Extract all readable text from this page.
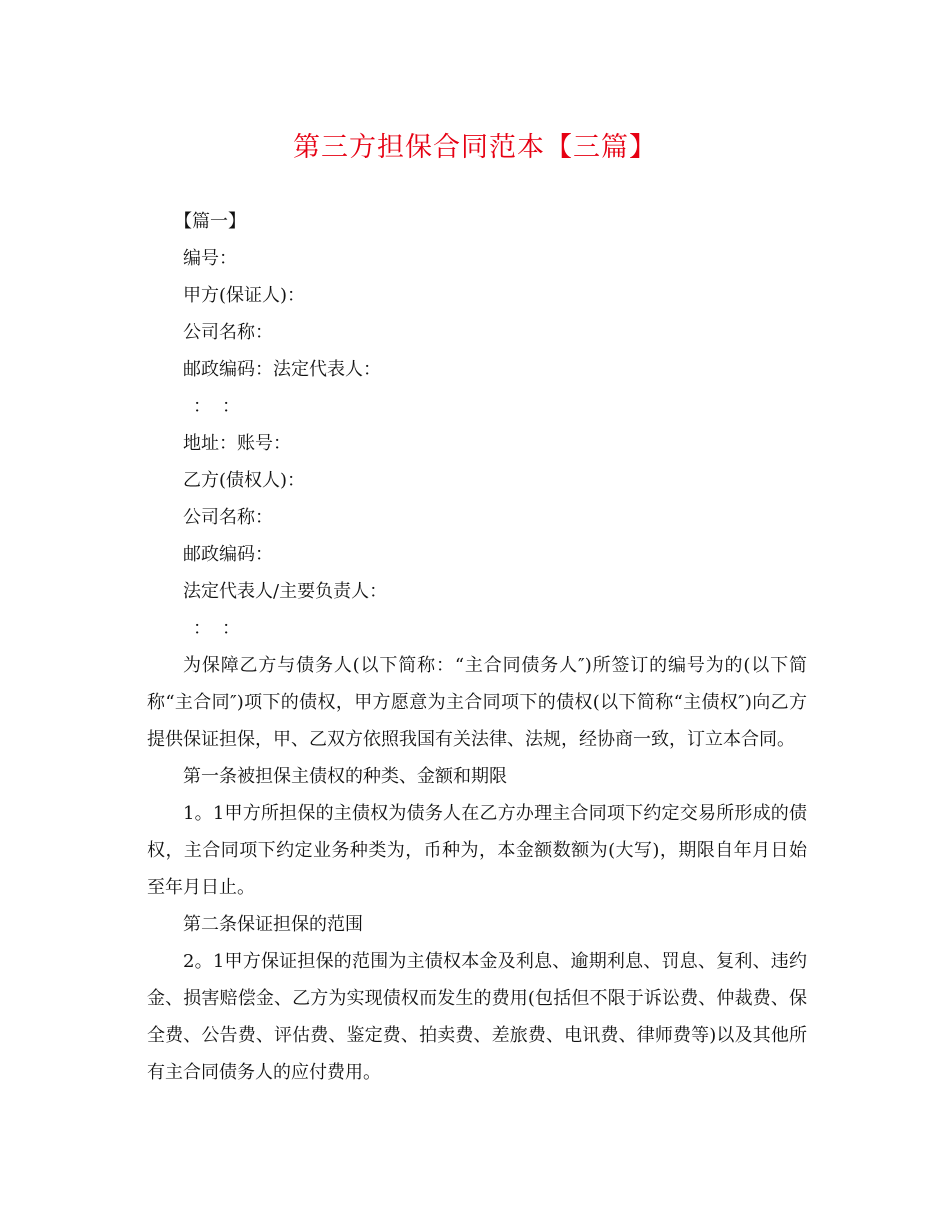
第三方担保合同范本【三篇】
【篇一】
编号：
甲方(保证人)：
公司名称：
邮政编码：法定代表人：
：：
地址：账号：
乙方(债权人)：
公司名称：
邮政编码：
法定代表人/主要负责人：
：：

为保障乙方与债务人(以下简称：“主合同债务人″)所签订的编号为的(以下简称“主合同″)项下的债权，甲方愿意为主合同项下的债权(以下简称“主债权″)向乙方提供保证担保，甲、乙双方依照我国有关法律、法规，经协商一致，订立本合同。

第一条被担保主债权的种类、金额和期限

1。1甲方所担保的主债权为债务人在乙方办理主合同项下约定交易所形成的债权，主合同项下约定业务种类为，币种为，本金额数额为(大写)，期限自年月日始至年月日止。

第二条保证担保的范围

2。1甲方保证担保的范围为主债权本金及利息、逾期利息、罚息、复利、违约金、损害赔偿金、乙方为实现债权而发生的费用(包括但不限于诉讼费、仲裁费、保全费、公告费、评估费、鉴定费、拍卖费、差旅费、电讯费、律师费等)以及其他所有主合同债务人的应付费用。
